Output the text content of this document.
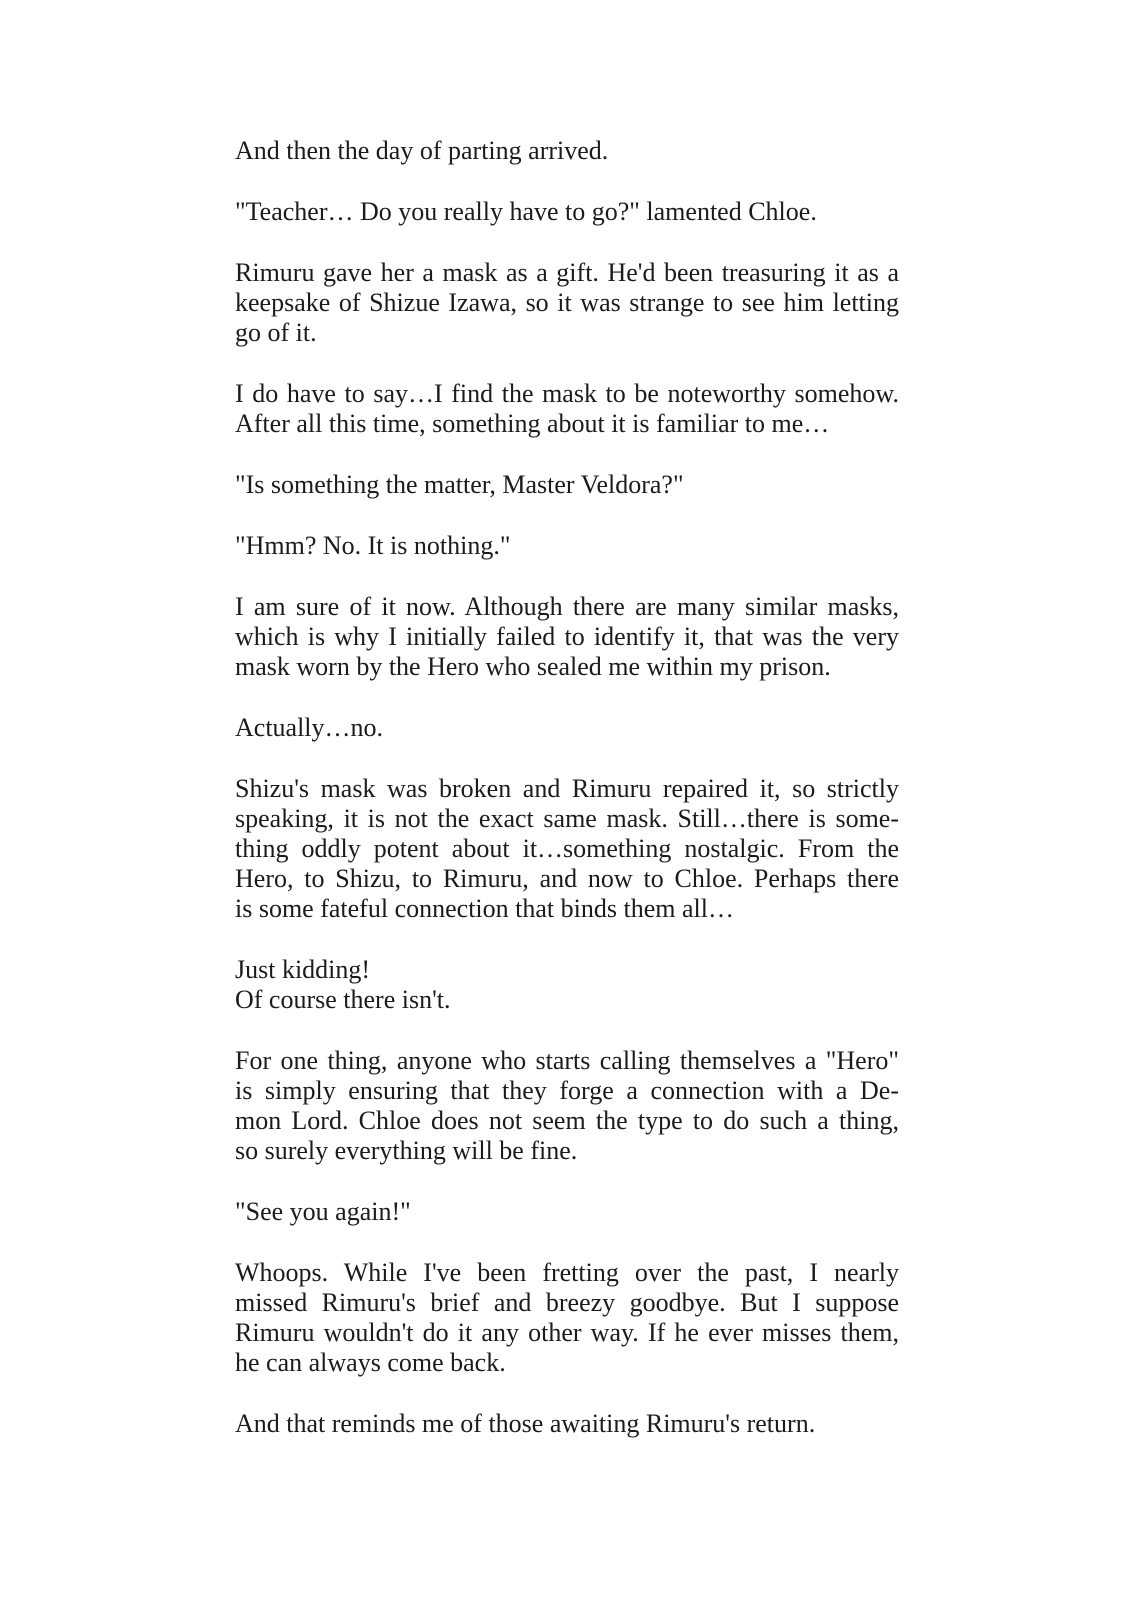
And then the day of parting arrived.

"Teacher… Do you really have to go?" lamented Chloe.

Rimuru gave her a mask as a gift. He'd been treasuring it as a
keepsake of Shizue Izawa, so it was strange to see him letting
go of it.

I do have to say…I find the mask to be noteworthy somehow.
After all this time, something about it is familiar to me…

"Is something the matter, Master Veldora?"

"Hmm? No. It is nothing."

I am sure of it now. Although there are many similar masks,
which is why I initially failed to identify it, that was the very
mask worn by the Hero who sealed me within my prison.

Actually…no.

Shizu's mask was broken and Rimuru repaired it, so strictly
speaking, it is not the exact same mask. Still…there is some-
thing oddly potent about it…something nostalgic. From the
Hero, to Shizu, to Rimuru, and now to Chloe. Perhaps there
is some fateful connection that binds them all…

Just kidding!
Of course there isn't.

For one thing, anyone who starts calling themselves a "Hero"
is simply ensuring that they forge a connection with a De-
mon Lord. Chloe does not seem the type to do such a thing,
so surely everything will be fine.

"See you again!"

Whoops. While I've been fretting over the past, I nearly
missed Rimuru's brief and breezy goodbye. But I suppose
Rimuru wouldn't do it any other way. If he ever misses them,
he can always come back.

And that reminds me of those awaiting Rimuru's return.
